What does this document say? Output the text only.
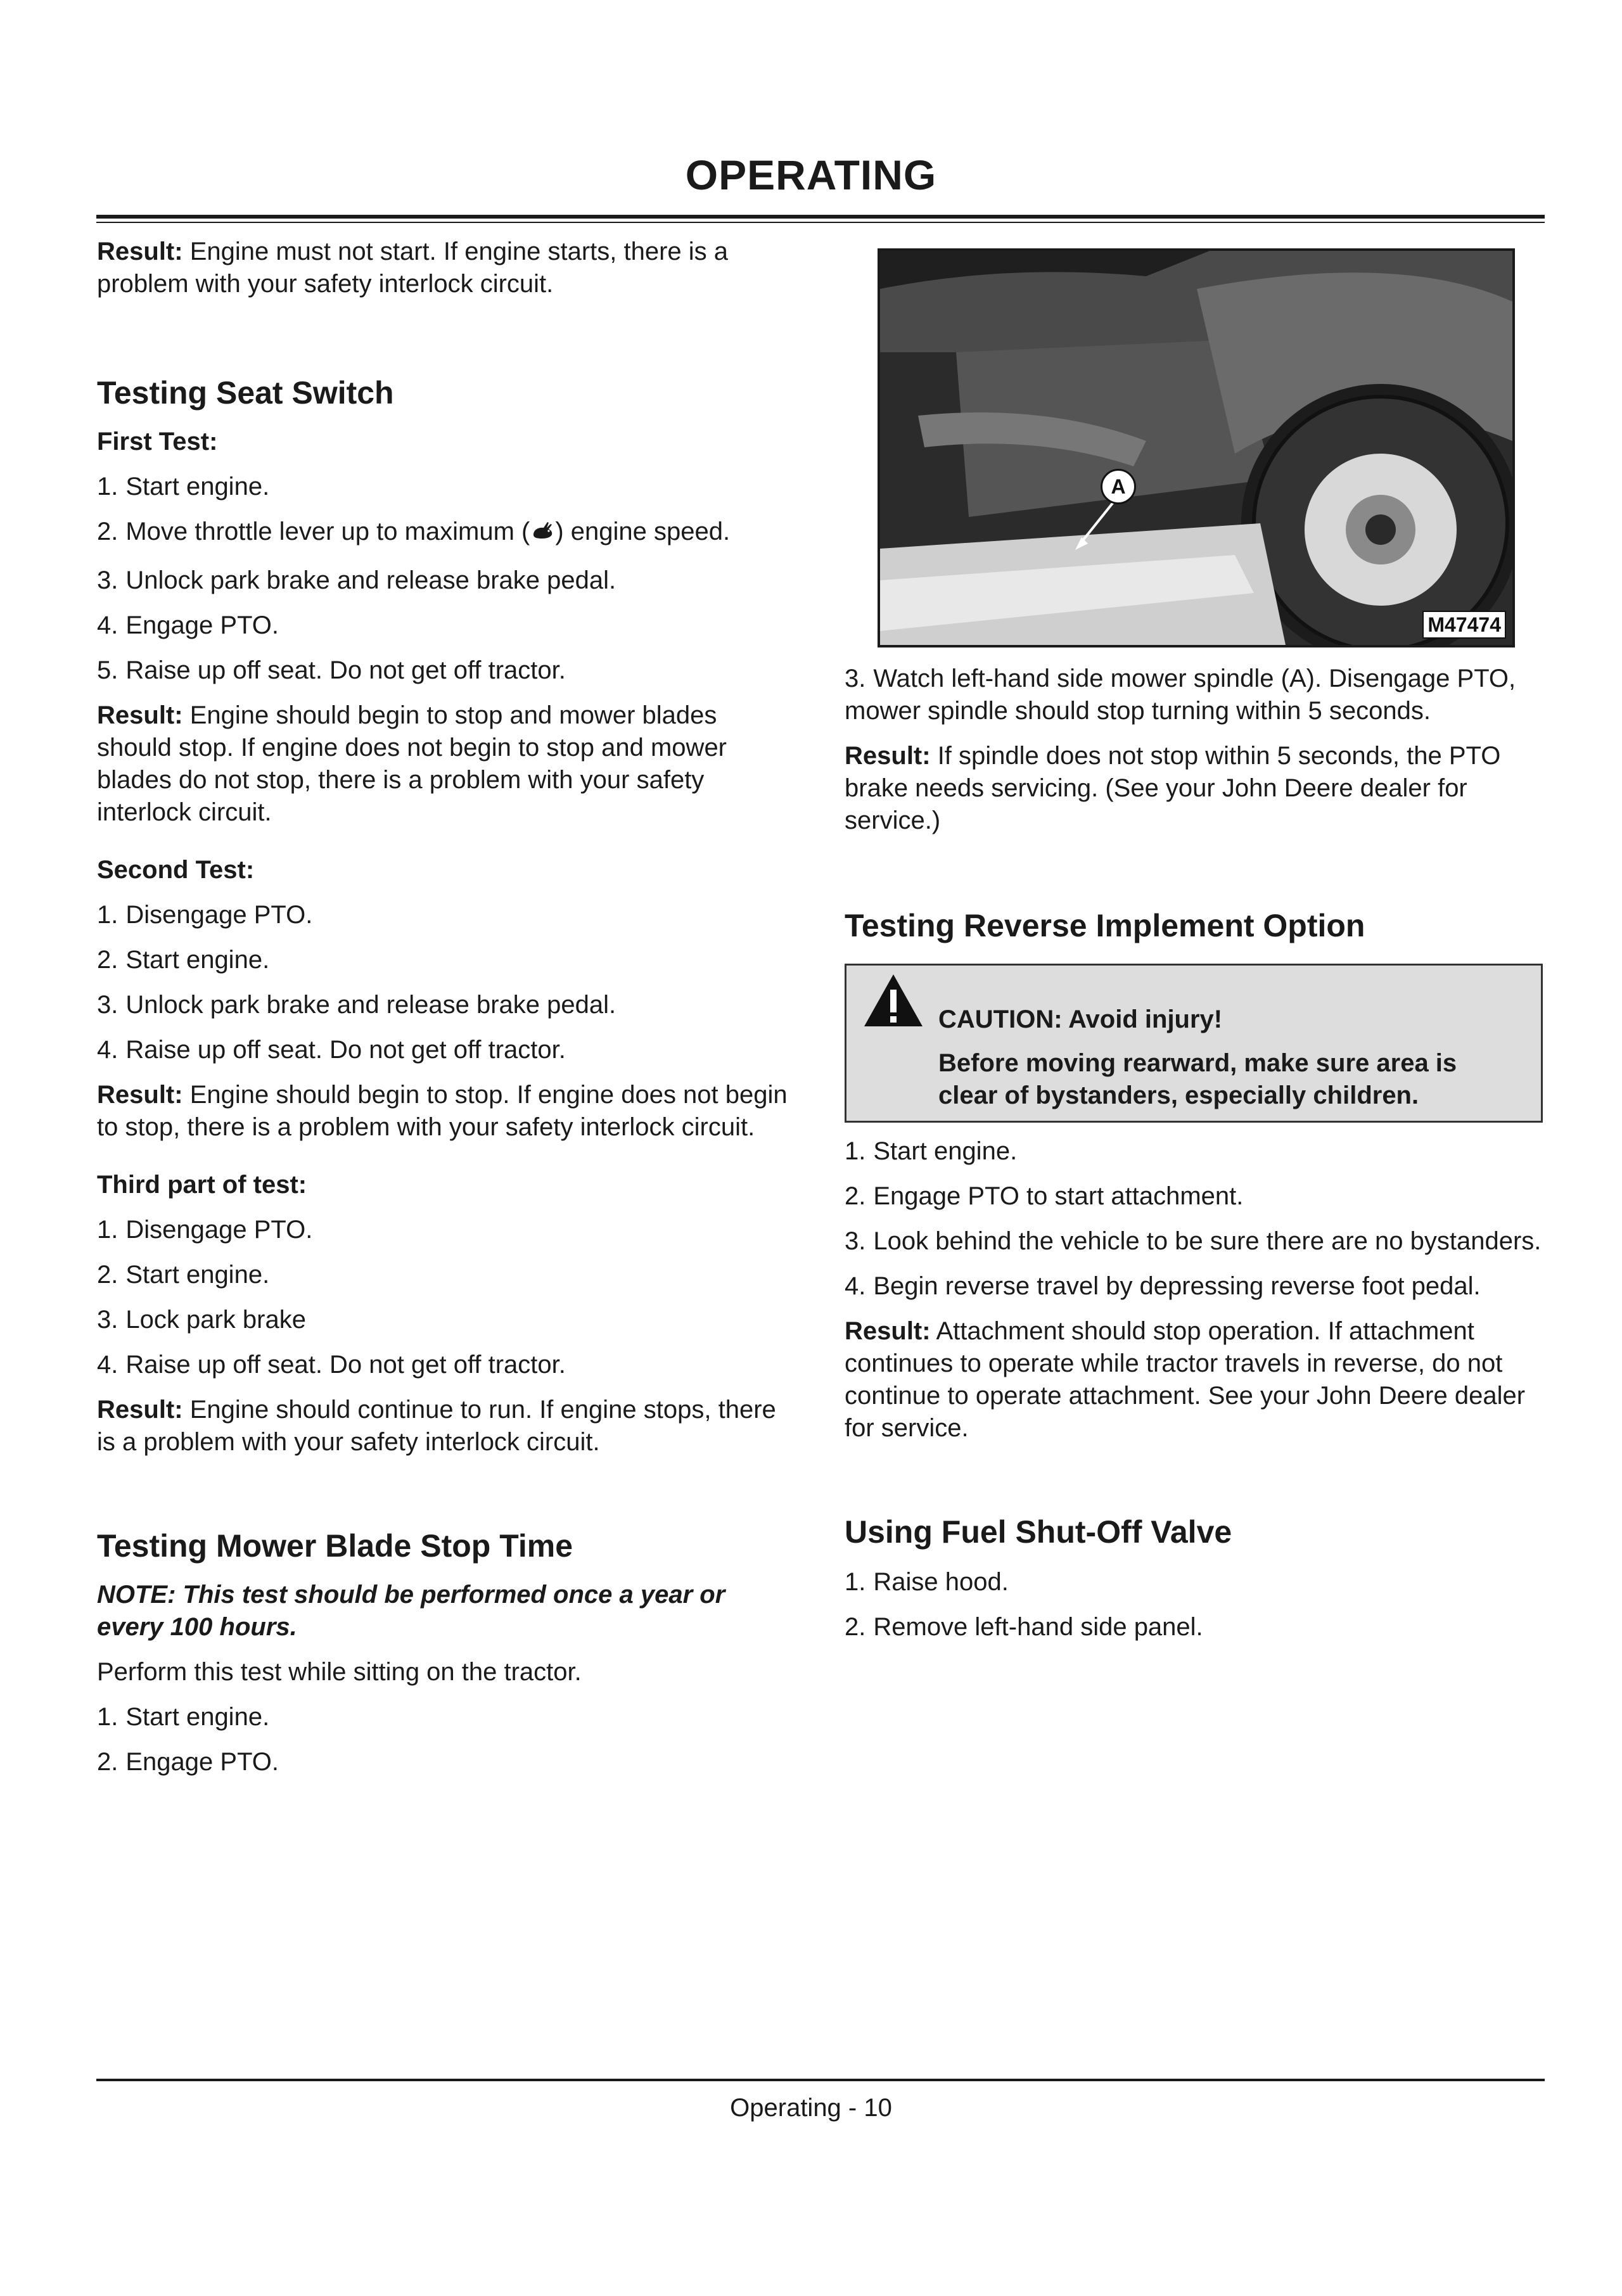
OPERATING

Result: Engine must not start. If engine starts, there is a problem with your safety interlock circuit.

Testing Seat Switch
First Test:
1. Start engine.
2. Move throttle lever up to maximum ( ) engine speed.
3. Unlock park brake and release brake pedal.
4. Engage PTO.
5. Raise up off seat. Do not get off tractor.

Result: Engine should begin to stop and mower blades should stop. If engine does not begin to stop and mower blades do not stop, there is a problem with your safety interlock circuit.

Second Test:
1. Disengage PTO.
2. Start engine.
3. Unlock park brake and release brake pedal.
4. Raise up off seat. Do not get off tractor.

Result: Engine should begin to stop. If engine does not begin to stop, there is a problem with your safety interlock circuit.

Third part of test:
1. Disengage PTO.
2. Start engine.
3. Lock park brake
4. Raise up off seat. Do not get off tractor.

Result: Engine should continue to run. If engine stops, there is a problem with your safety interlock circuit.

Testing Mower Blade Stop Time
NOTE: This test should be performed once a year or every 100 hours.

Perform this test while sitting on the tractor.

1. Start engine.
2. Engage PTO.
A
M47474

3. Watch left-hand side mower spindle (A). Disengage PTO, mower spindle should stop turning within 5 seconds.

Result: If spindle does not stop within 5 seconds, the PTO brake needs servicing. (See your John Deere dealer for service.)

Testing Reverse Implement Option
CAUTION: Avoid injury!
Before moving rearward, make sure area is clear of bystanders, especially children.
1. Start engine.
2. Engage PTO to start attachment.
3. Look behind the vehicle to be sure there are no bystanders.
4. Begin reverse travel by depressing reverse foot pedal.

Result: Attachment should stop operation. If attachment continues to operate while tractor travels in reverse, do not continue to operate attachment. See your John Deere dealer for service.

Using Fuel Shut-Off Valve
1. Raise hood.
2. Remove left-hand side panel.
Operating - 10
